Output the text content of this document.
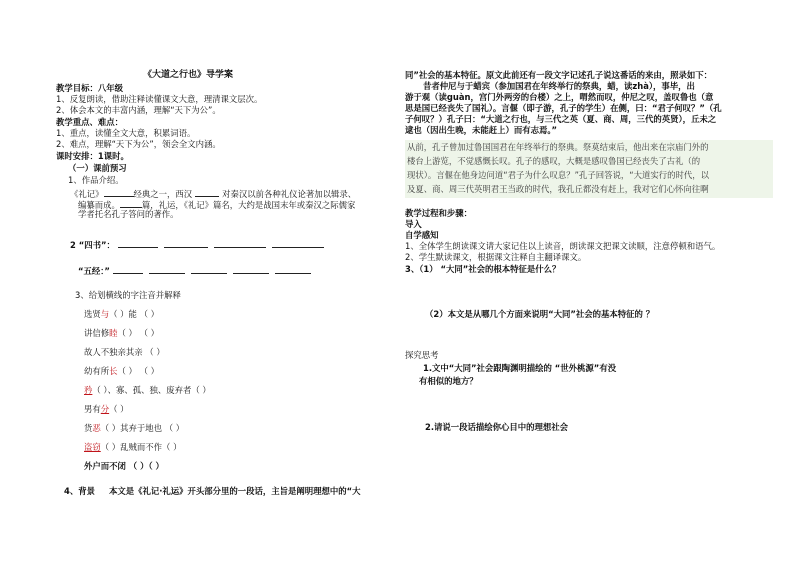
《大道之行也》导学案
教学目标：八年级
1、反复朗读，借助注释读懂课文大意，理清课文层次。
2、体会本文的丰富内涵，理解“天下为公”。
教学重点、难点：
1、重点，读懂全文大意，积累词语。
2、难点，理解“天下为公”，领会全文内涵。
课时安排：1课时。
（一）课前预习
1、作品介绍。
《礼记》	经典之一，西汉	对秦汉以前各种礼仪论著加以辑录、
编纂而成。	篇，礼运，《礼记》篇名，大约是战国末年或秦汉之际儒家
学者托名孔子答问的著作。
2 “四书”：
“五经：”
3、给划横线的字注音并解释
选贤与（ ）能 （ ）
讲信修睦（ ） （ ）
故人不独亲其亲 （ ）
幼有所长（ ） （ ）
矜（ ）、寡、孤、独、废弃者（ ）
男有分（ ）
货恶（ ）其弃于地也 （ ）
盗窃（ ）乱贼而不作（ ）
外户而不闭 （ ）（ ）
4、背景 本文是《礼记·礼运》开头部分里的一段话，主旨是阐明理想中的“大
同”社会的基本特征。原文此前还有一段文字记述孔子说这番话的来由，照录如下：
昔者仲尼与于蜡宾（参加国君在年终举行的祭典，蜡，读zhà），事毕，出
游于观（读guàn，宫门外两旁的台楼）之上，喟然而叹，仲尼之叹，盖叹鲁也（意
思是国已经丧失了国礼）。言偃（即子游，孔子的学生）在侧，曰：“君子何叹？”（孔
子何叹？）孔子曰：“大道之行也，与三代之英（夏、商、周，三代的英贤），丘未之
逮也（因出生晚，未能赶上）而有志焉。”
从前，孔子曾加过鲁国国君在年终举行的祭典。祭莫结束后，他出来在宗庙门外的
楼台上游览，不觉感慨长叹。孔子的感叹，大概是感叹鲁国已经丧失了古礼（的
现状）。言偃在他身边问道“君子为什么叹息？”孔子回答说，“大道实行的时代，以
及夏、商、周三代英明君王当政的时代，我孔丘都没有赶上，我对它们心怀向往啊
教学过程和步骤：
导入
自学感知
1、全体学生朗读课文请大家记住以上读音，朗读课文把课文读顺，注意停顿和语气。
2、学生默读课文，根据课文注释自主翻译课文。
3、（1） “大同”社会的根本特征是什么？
（2）本文是从哪几个方面来说明“大同”社会的基本特征的 ？
探究思考
1.文中“大同”社会跟陶渊明描绘的 “世外桃源”有没
有相似的地方？
2.请说一段话描绘你心目中的理想社会
